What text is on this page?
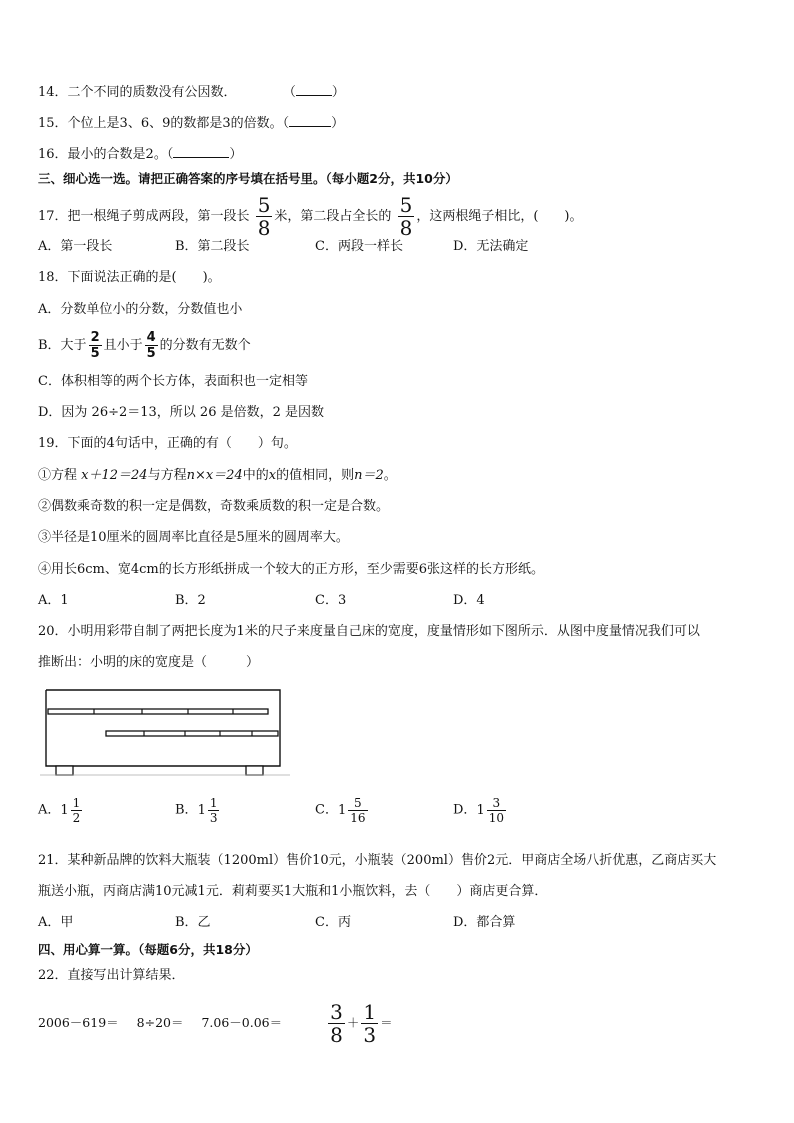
14．二个不同的质数没有公因数．	（	）
15．个位上是3、6、9的数都是3的倍数。（	）
16．最小的合数是2。（	）
三、细心选一选。请把正确答案的序号填在括号里。（每小题2分，共10分）
17．把一根绳子剪成两段，第一段长 $\frac{5}{8}$ 米，第二段占全长的 $\frac{5}{8}$ ，这两根绳子相比，(　　)。
A．第一段长	B．第二段长	C．两段一样长	D．无法确定
18．下面说法正确的是(　　)。
A．分数单位小的分数，分数值也小
B．大于 $\frac{2}{5}$ 且小于 $\frac{4}{5}$ 的分数有无数个
C．体积相等的两个长方体，表面积也一定相等
D．因为 26÷2＝13，所以 26 是倍数，2 是因数
19．下面的4句话中，正确的有（　　）句。
①方程 x＋12＝24与方程n×x＝24中的x的值相同，则n＝2。
②偶数乘奇数的积一定是偶数，奇数乘质数的积一定是合数。
③半径是10厘米的圆周率比直径是5厘米的圆周率大。
④用长6cm、宽4cm的长方形纸拼成一个较大的正方形，至少需要6张这样的长方形纸。
A．1	B．2	C．3	D．4
20．小明用彩带自制了两把长度为1米的尺子来度量自己床的宽度，度量情形如下图所示．从图中度量情况我们可以
推断出：小明的床的宽度是（　　　）
A． $1 \frac{1}{2}$	B． $1 \frac{1}{3}$	C． $1 \frac{5}{16}$	D． $1 \frac{3}{10}$
21．某种新品牌的饮料大瓶装（1200ml）售价10元，小瓶装（200ml）售价2元．甲商店全场八折优惠，乙商店买大
瓶送小瓶，丙商店满10元减1元．莉莉要买1大瓶和1小瓶饮料，去（　　）商店更合算．
A．甲	B．乙	C．丙	D．都合算
四、用心算一算。（每题6分，共18分）
22．直接写出计算结果．
$2006-619= 8\div 20= 7.06-0.06= \frac{3}{8} + \frac{1}{3}$ ＝
